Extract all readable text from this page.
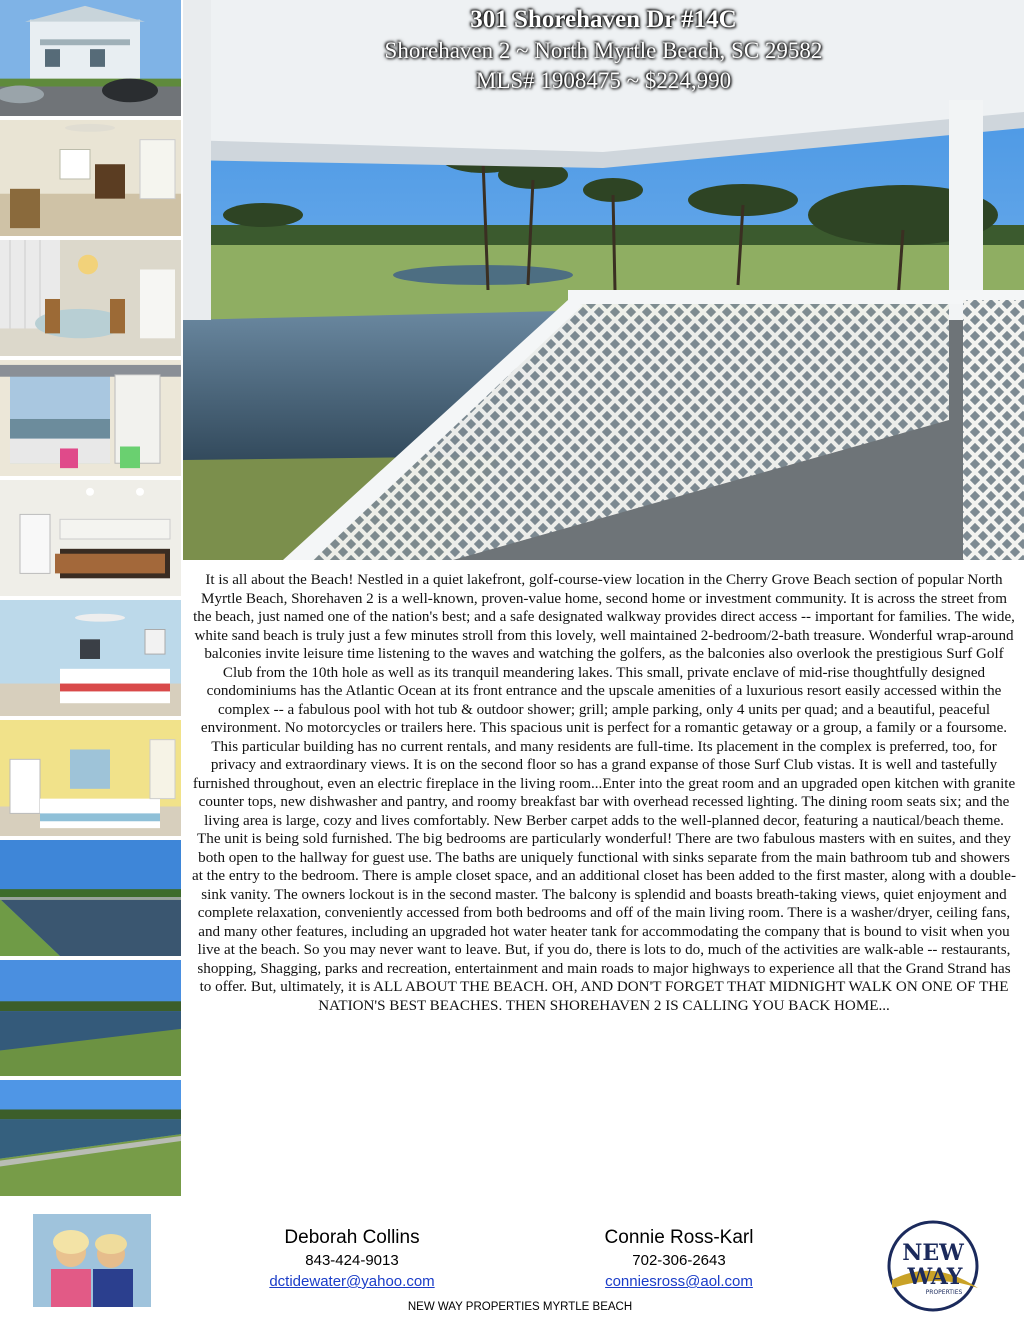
301 Shorehaven Dr #14C
Shorehaven 2 ~ North Myrtle Beach, SC 29582
MLS# 1908475 ~ $224,990
It is all about the Beach! Nestled in a quiet lakefront, golf-course-view location in the Cherry Grove Beach section of popular North Myrtle Beach, Shorehaven 2 is a well-known, proven-value home, second home or investment community. It is across the street from the beach, just named one of the nation's best; and a safe designated walkway provides direct access -- important for families. The wide, white sand beach is truly just a few minutes stroll from this lovely, well maintained 2-bedroom/2-bath treasure. Wonderful wrap-around balconies invite leisure time listening to the waves and watching the golfers, as the balconies also overlook the prestigious Surf Golf Club from the 10th hole as well as its tranquil meandering lakes. This small, private enclave of mid-rise thoughtfully designed condominiums has the Atlantic Ocean at its front entrance and the upscale amenities of a luxurious resort easily accessed within the complex -- a fabulous pool with hot tub & outdoor shower; grill; ample parking, only 4 units per quad; and a beautiful, peaceful environment. No motorcycles or trailers here. This spacious unit is perfect for a romantic getaway or a group, a family or a foursome. This particular building has no current rentals, and many residents are full-time. Its placement in the complex is preferred, too, for privacy and extraordinary views. It is on the second floor so has a grand expanse of those Surf Club vistas. It is well and tastefully furnished throughout, even an electric fireplace in the living room...Enter into the great room and an upgraded open kitchen with granite counter tops, new dishwasher and pantry, and roomy breakfast bar with overhead recessed lighting. The dining room seats six; and the living area is large, cozy and lives comfortably. New Berber carpet adds to the well-planned decor, featuring a nautical/beach theme. The unit is being sold furnished. The big bedrooms are particularly wonderful! There are two fabulous masters with en suites, and they both open to the hallway for guest use. The baths are uniquely functional with sinks separate from the main bathroom tub and showers at the entry to the bedroom. There is ample closet space, and an additional closet has been added to the first master, along with a double-sink vanity. The owners lockout is in the second master. The balcony is splendid and boasts breath-taking views, quiet enjoyment and complete relaxation, conveniently accessed from both bedrooms and off of the main living room. There is a washer/dryer, ceiling fans, and many other features, including an upgraded hot water heater tank for accommodating the company that is bound to visit when you live at the beach. So you may never want to leave. But, if you do, there is lots to do, much of the activities are walk-able -- restaurants, shopping, Shagging, parks and recreation, entertainment and main roads to major highways to experience all that the Grand Strand has to offer. But, ultimately, it is ALL ABOUT THE BEACH. OH, AND DON'T FORGET THAT MIDNIGHT WALK ON ONE OF THE NATION'S BEST BEACHES. THEN SHOREHAVEN 2 IS CALLING YOU BACK HOME...
Deborah Collins
843-424-9013
dctidewater@yahoo.com
Connie Ross-Karl
702-306-2643
conniesross@aol.com
NEW WAY PROPERTIES MYRTLE BEACH
NEW
WAY
PROPERTIES
